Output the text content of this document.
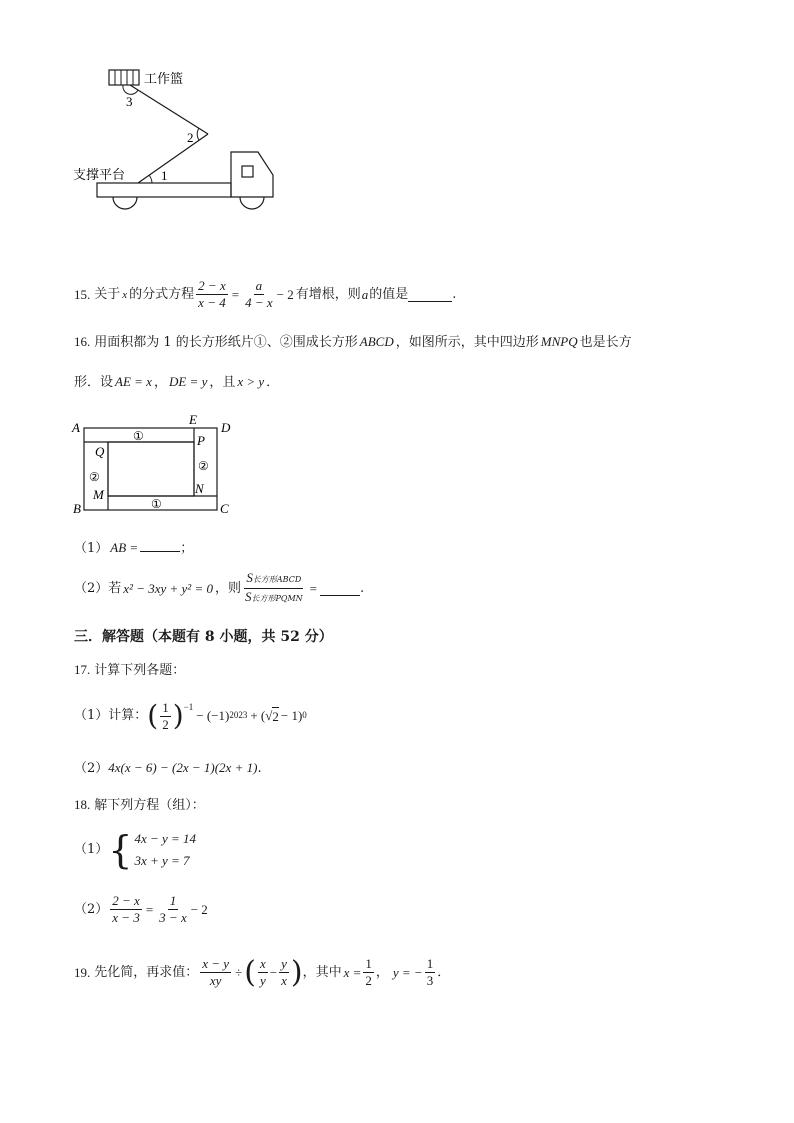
工作篮
3
2
1
支撑平台
15. 关于 x 的分式方程 $\frac{2 - x}{x - 4} = \frac{a}{4 - x} - 2$ 有增根，则 a 的值是	.
16. 用面积都为 1 的长方形纸片①、②围成长方形 ABCD ，如图所示，其中四边形 MNPQ 也是长方
形．设 AE = x ， DE = y ，且 x > y ．
A
B	C
D
E
P
Q
M	N
①
①
②
②
（1） AB =	；
（2）若 x² − 3xy + y² = 0 ，则 $\frac{\text{S长方形ABCD}}{\text{S长方形PQMN}}$ =	.
三．解答题（本题有 8 小题，共 52 分）
17. 计算下列各题：
（1）计算： ( $\frac{1}{2}$ ) −1
− (−1) 2023 + ( √ 2 − 1) 0
（2）4x(x − 6) − (2x − 1)(2x + 1).
18. 解下列方程（组）：
（1） { 4x − y = 14
3x + y = 7
$(2) \frac{2 - x}{x - 3} = \frac{1}{3 - x} - 2$
19. 先化简，再求值： $\frac{x - y}{xy}$ ÷ ( $\frac{x}{y} - \frac{y}{x}$ ) ，其中 $x = \frac{1}{2}$ ， y = − $\frac{1}{3}$ ．
